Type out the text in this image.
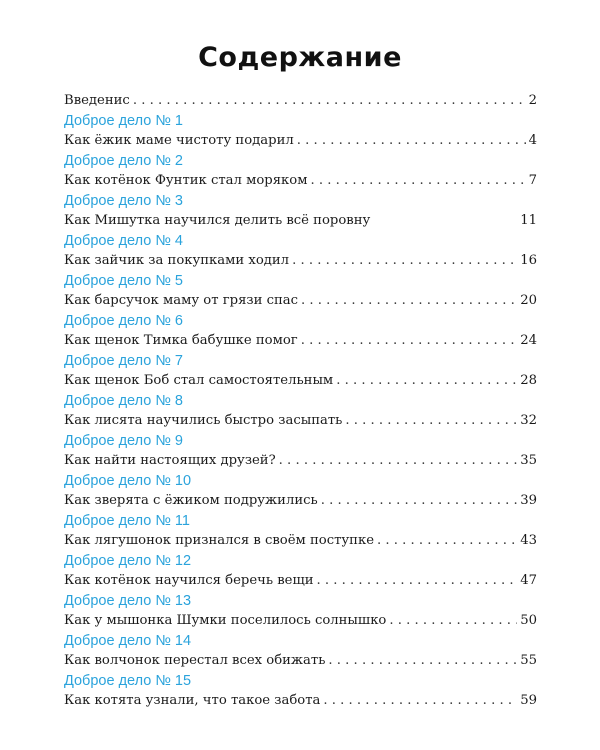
Содержание
Введенис . . .	2
Доброе дело № 1
Как ёжик маме чистоту подарил . . .	4
Доброе дело № 2
Как котёнок Фунтик стал моряком . . .	7
Доброе дело № 3
Как Мишутка научился делить всё поровну	11
Доброе дело № 4
Как зайчик за покупками ходил . . .	16
Доброе дело № 5
Как барсучок маму от грязи спас . . .	20
Доброе дело № 6
Как щенок Тимка бабушке помог . . .	24
Доброе дело № 7
Как щенок Боб стал самостоятельным . . .	28
Доброе дело № 8
Как лисята научились быстро засыпать . . .	32
Доброе дело № 9
Как найти настоящих друзей? . . .	35
Доброе дело № 10
Как зверята с ёжиком подружились . . .	39
Доброе дело № 11
Как лягушонок признался в своём поступке . . .	43
Доброе дело № 12
Как котёнок научился беречь вещи . . .	47
Доброе дело № 13
Как у мышонка Шумки поселилось солнышко . . .	50
Доброе дело № 14
Как волчонок перестал всех обижать . . .	55
Доброе дело № 15
Как котята узнали, что такое забота . . .	59
